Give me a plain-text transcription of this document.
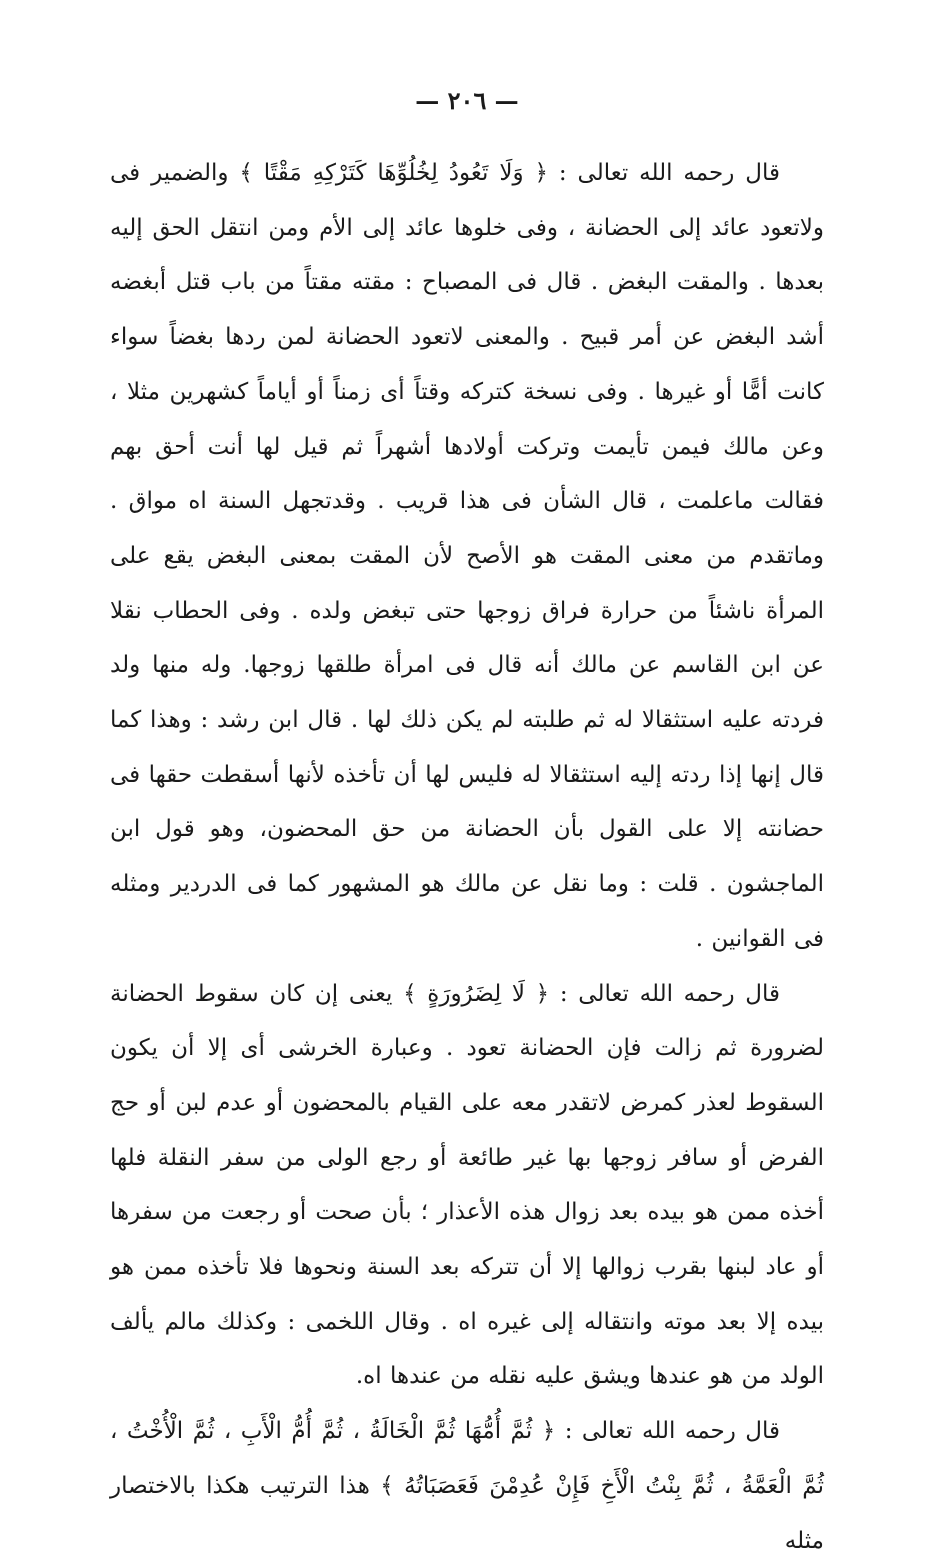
— ٢٠٦ —

قال رحمه الله تعالى : ﴿ وَلَا تَعُودُ لِخُلُوِّهَا كَتَرْكِهِ مَقْتًا ﴾ والضمير فى ولاتعود عائد إلى الحضانة ، وفى خلوها عائد إلى الأم ومن انتقل الحق إليه بعدها . والمقت البغض . قال فى المصباح : مقته مقتاً من باب قتل أبغضه أشد البغض عن أمر قبيح . والمعنى لاتعود الحضانة لمن ردها بغضاً سواء كانت أمًّا أو غيرها . وفى نسخة كتركه وقتاً أى زمناً أو أياماً كشهرين مثلا ، وعن مالك فيمن تأيمت وتركت أولادها أشهراً ثم قيل لها أنت أحق بهم فقالت ماعلمت ، قال الشأن فى هذا قريب . وقدتجهل السنة اه مواق . وماتقدم من معنى المقت هو الأصح لأن المقت بمعنى البغض يقع على المرأة ناشئاً من حرارة فراق زوجها حتى تبغض ولده . وفى الحطاب نقلا عن ابن القاسم عن مالك أنه قال فى امرأة طلقها زوجها. وله منها ولد فردته عليه استثقالا له ثم طلبته لم يكن ذلك لها . قال ابن رشد : وهذا كما قال إنها إذا ردته إليه استثقالا له فليس لها أن تأخذه لأنها أسقطت حقها فى حضانته إلا على القول بأن الحضانة من حق المحضون، وهو قول ابن الماجشون . قلت : وما نقل عن مالك هو المشهور كما فى الدردير ومثله فى القوانين .

قال رحمه الله تعالى : ﴿ لَا لِضَرُورَةٍ ﴾ يعنى إن كان سقوط الحضانة لضرورة ثم زالت فإن الحضانة تعود . وعبارة الخرشى أى إلا أن يكون السقوط لعذر كمرض لاتقدر معه على القيام بالمحضون أو عدم لبن أو حج الفرض أو سافر زوجها بها غير طائعة أو رجع الولى من سفر النقلة فلها أخذه ممن هو بيده بعد زوال هذه الأعذار ؛ بأن صحت أو رجعت من سفرها أو عاد لبنها بقرب زوالها إلا أن تتركه بعد السنة ونحوها فلا تأخذه ممن هو بيده إلا بعد موته وانتقاله إلى غيره اه . وقال اللخمى : وكذلك مالم يألف الولد من هو عندها ويشق عليه نقله من عندها اه.

قال رحمه الله تعالى : ﴿ ثُمَّ أُمُّهَا ثُمَّ الْخَالَةُ ، ثُمَّ أُمُّ الْأَبِ ، ثُمَّ الْأُخْتُ ، ثُمَّ الْعَمَّةُ ، ثُمَّ بِنْتُ الْأَخِ فَإِنْ عُدِمْنَ فَعَصَبَاتُهُ ﴾ هذا الترتيب هكذا بالاختصار مثله
